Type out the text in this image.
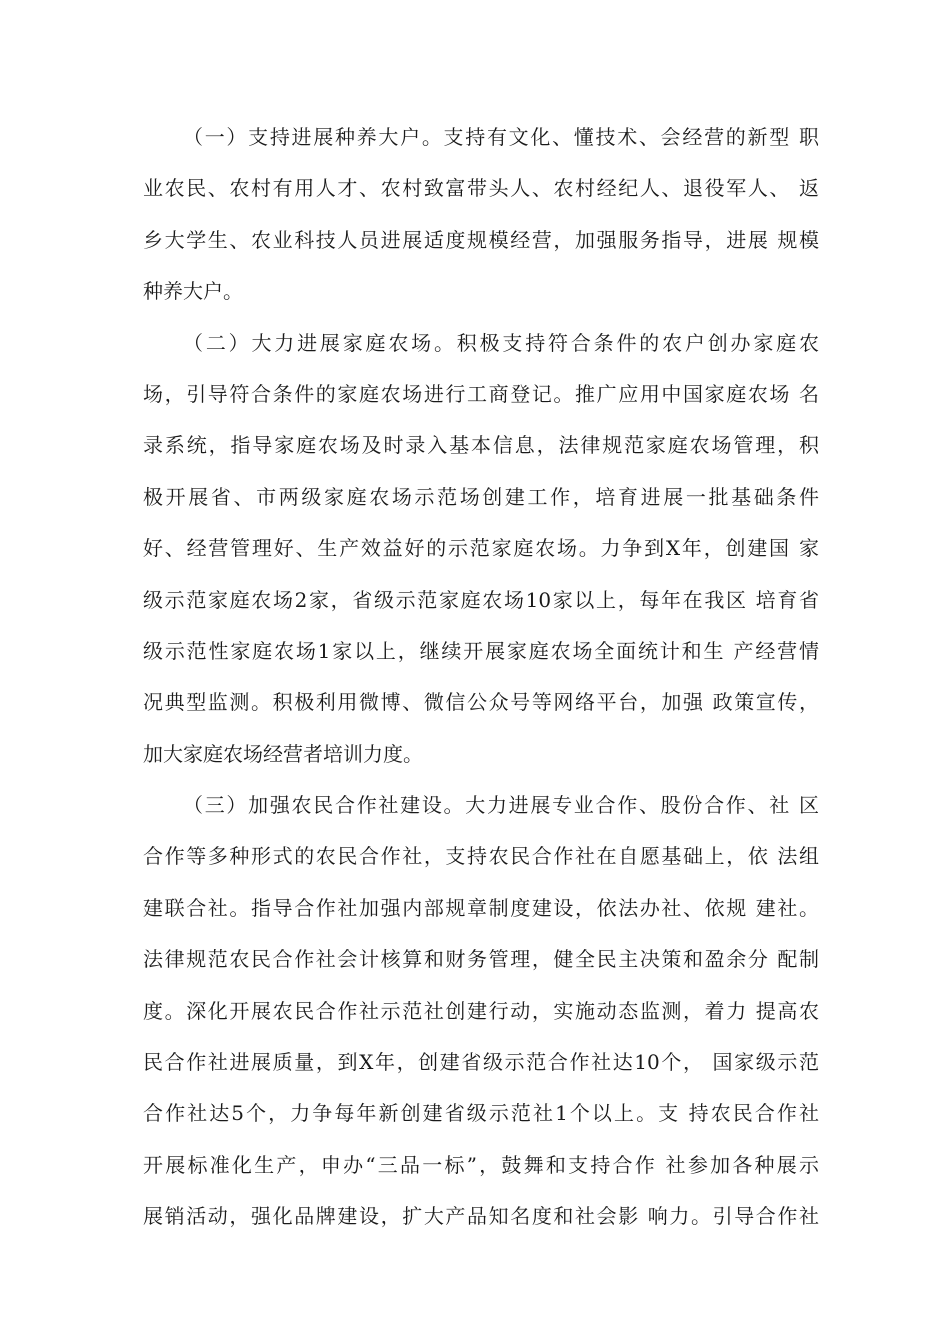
（一）支持进展种养大户。支持有文化、懂技术、会经营的新型 职
业农民、农村有用人才、农村致富带头人、农村经纪人、退役军人、 返
乡大学生、农业科技人员进展适度规模经营，加强服务指导，进展 规模
种养大户。
（二）大力进展家庭农场。积极支持符合条件的农户创办家庭农
场，引导符合条件的家庭农场进行工商登记。推广应用中国家庭农场 名
录系统，指导家庭农场及时录入基本信息，法律规范家庭农场管理，积
极开展省、市两级家庭农场示范场创建工作，培育进展一批基础条件
好、经营管理好、生产效益好的示范家庭农场。力争到X年，创建国 家
级示范家庭农场2家，省级示范家庭农场10家以上，每年在我区 培育省
级示范性家庭农场1家以上，继续开展家庭农场全面统计和生 产经营情
况典型监测。积极利用微博、微信公众号等网络平台，加强 政策宣传，
加大家庭农场经营者培训力度。
（三）加强农民合作社建设。大力进展专业合作、股份合作、社 区
合作等多种形式的农民合作社，支持农民合作社在自愿基础上，依 法组
建联合社。指导合作社加强内部规章制度建设，依法办社、依规 建社。
法律规范农民合作社会计核算和财务管理，健全民主决策和盈余分 配制
度。深化开展农民合作社示范社创建行动，实施动态监测，着力 提高农
民合作社进展质量，到X年，创建省级示范合作社达10个， 国家级示范
合作社达5个，力争每年新创建省级示范社1个以上。支 持农民合作社
开展标准化生产，申办“三品一标”，鼓舞和支持合作 社参加各种展示
展销活动，强化品牌建设，扩大产品知名度和社会影 响力。引导合作社
